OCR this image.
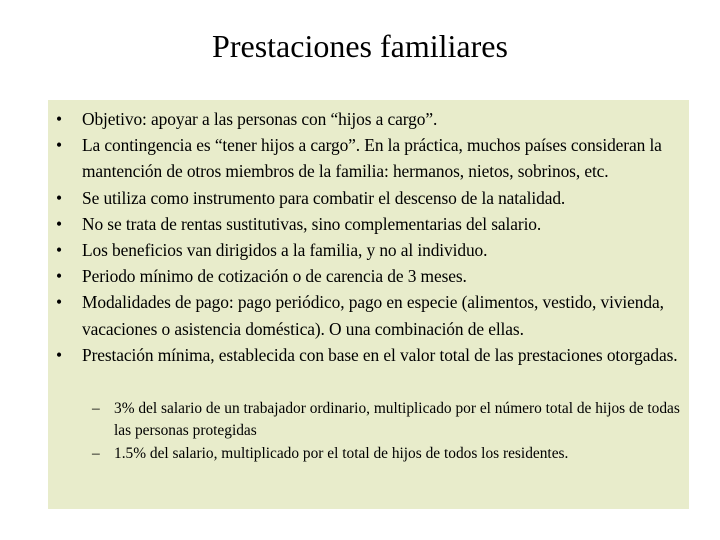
Prestaciones familiares
• Objetivo: apoyar a las personas con “hijos a cargo”.
• La contingencia es “tener hijos a cargo”. En la práctica, muchos países consideran la mantención de otros miembros de la familia: hermanos, nietos, sobrinos, etc.
• Se utiliza como instrumento para combatir el descenso de la natalidad.
• No se trata de rentas sustitutivas, sino complementarias del salario.
• Los beneficios van dirigidos a la familia, y no al individuo.
• Periodo mínimo de cotización o de carencia de 3 meses.
• Modalidades de pago: pago periódico, pago en especie (alimentos, vestido, vivienda, vacaciones o asistencia doméstica). O una combinación de ellas.
• Prestación mínima, establecida con base en el valor total de las prestaciones otorgadas.
– 3% del salario de un trabajador ordinario, multiplicado por el número total de hijos de todas las personas protegidas
– 1.5% del salario, multiplicado por el total de hijos de todos los residentes.
